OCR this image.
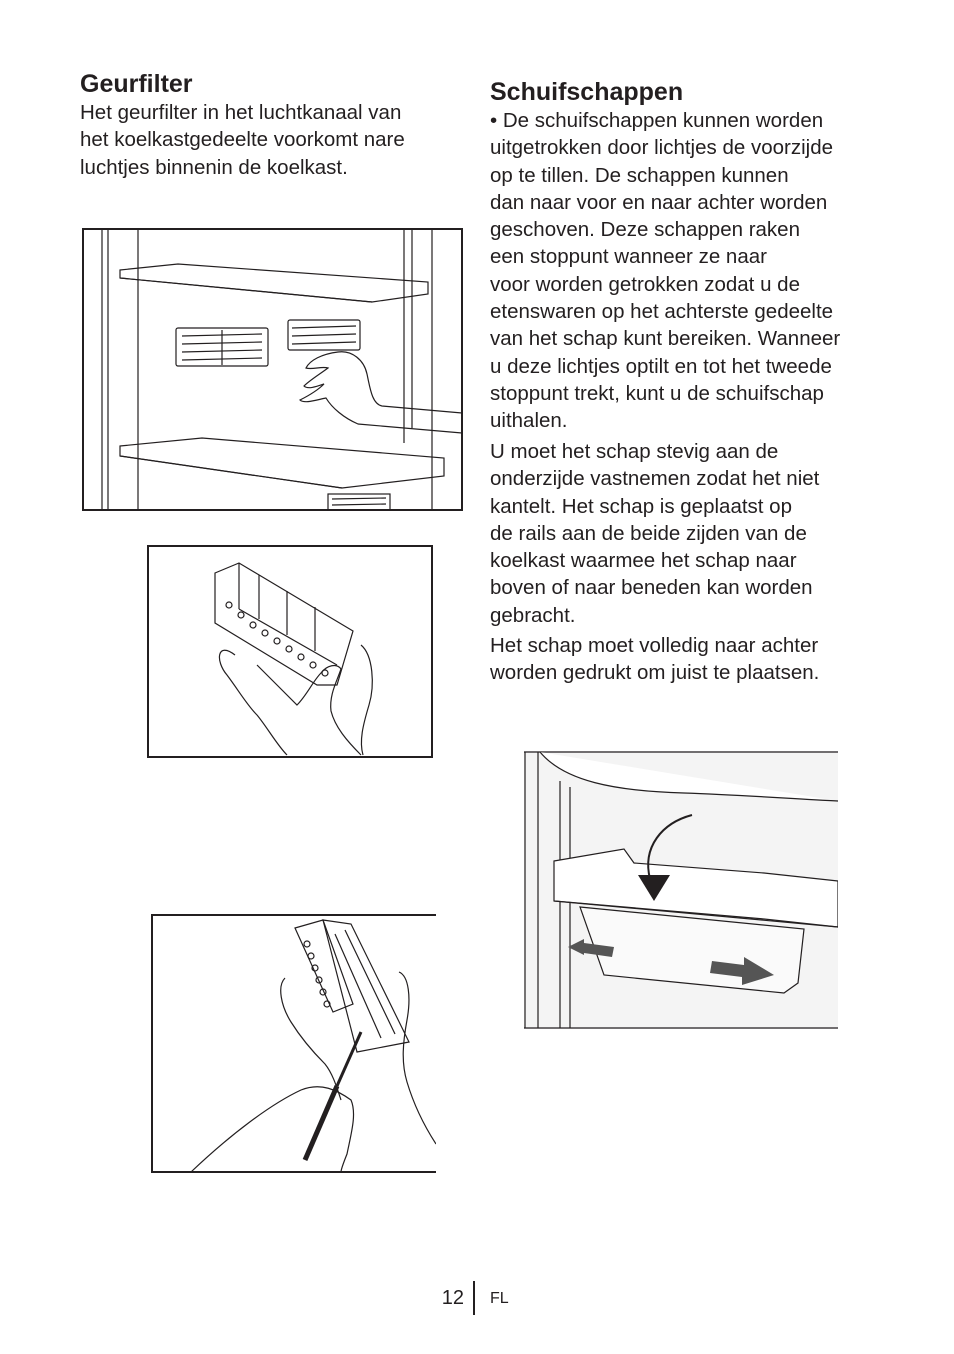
Geurfilter

Het geurfilter in het luchtkanaal van
het koelkastgedeelte voorkomt nare
luchtjes binnenin de koelkast.

Schuifschappen

• De schuifschappen kunnen worden
uitgetrokken door lichtjes de voorzijde
op te tillen. De schappen kunnen
dan naar voor en naar achter worden
geschoven. Deze schappen raken
een stoppunt wanneer ze naar
voor worden getrokken zodat u de
etenswaren op het achterste gedeelte
van het schap kunt bereiken. Wanneer
u deze lichtjes optilt en tot het tweede
stoppunt trekt, kunt u de schuifschap
uithalen.

U moet het schap stevig aan de
onderzijde vastnemen zodat het niet
kantelt. Het schap is geplaatst op
de rails aan de beide zijden van de
koelkast waarmee het schap naar
boven of naar beneden kan worden
gebracht.

Het schap moet volledig naar achter
worden gedrukt om juist te plaatsen.

12 FL
